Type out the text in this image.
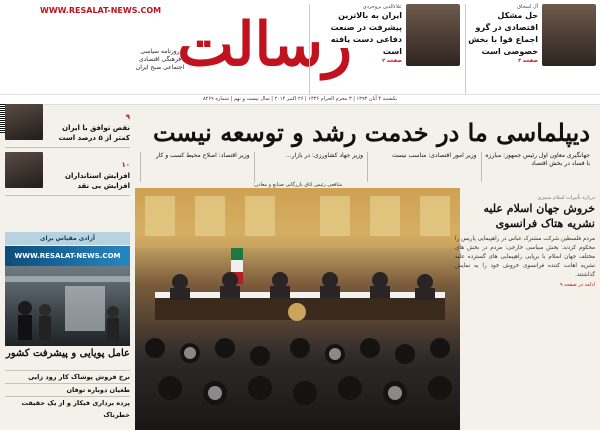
WWW.RESALAT-NEWS.COM رسالت
روزنامه سیاسی فرهنگی اقتصادی اجتماعی صبح ایران
آل اسحاق
حل مشکل اقتصادی در گرو اجماع قوا با بخش خصوصی است
صفحه ۴
علاءالدین بروجردی
ایران به بالاترین پیشرفت در صنعت دفاعی دست یافته است
صفحه ۲
یکشنبه ۴ آبان ۱۳۹۳ | ۳ محرم الحرام ۱۴۳۶ | ۲۶ اکتبر ۲۰۱۴ | سال بیست و نهم | شماره ۸۲۶۹
دیپلماسی ما در خدمت رشد و توسعه نیست
جهانگیری معاون اول رئیس جمهور: مبارزه با فساد در بخش اقتصاد
وزیر امور اقتصادی: مناسب نیست
وزیر جهاد کشاورزی: در بازار...
وزیر اقتصاد: اصلاح محیط کسب و کار
شافعی رئیس اتاق بازرگانی صنایع و معادن:
درباره تأثیرات اسلام ستیزی
خروش جهان اسلام علیه نشریه هتاک فرانسوی
مردم فلسطین شرکت مشترک عباس در راهپیمایی پاریس را محکوم کردند. بخش سیاسی خارجی: مردم در بخش های مختلف جهان اسلام با برپایی راهپیمایی های گسترده علیه نشریه اهانت کننده فرانسوی خروش خود را به نمایش گذاشتند.
ادامه در صفحه ۹
۹
نقص توافق با ایران کمتر از ۵ درصد است
۱۰
افزایش استانداران افزایش بی نقد
آزادی مقیاس برای
WWW.RESALAT-NEWS.COM
عامل پویایی و پیشرفت کشور
نرخ فروش پوشاک کار رود زایی
طغیان دوباره توفان
پرده برداری فیکار و از یک حقیقت خطرناک
